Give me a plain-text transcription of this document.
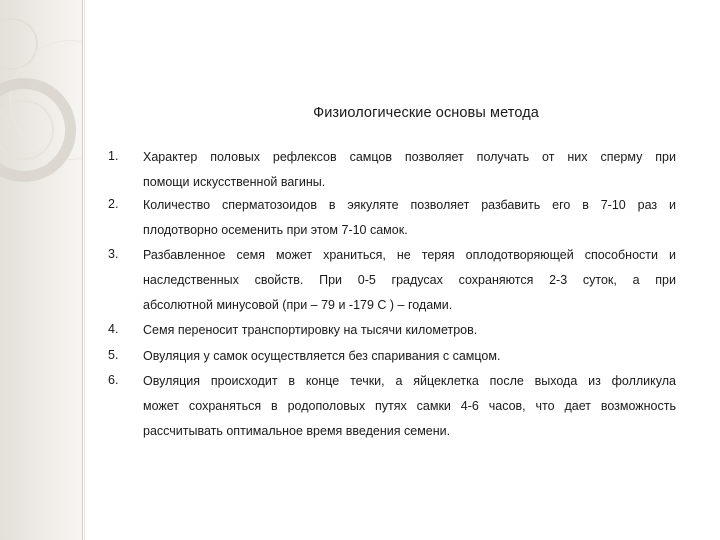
Физиологические основы метода
1.	Характер половых рефлексов самцов позволяет получать от них сперму при
помощи искусственной вагины.
2.	Количество сперматозоидов в эякуляте позволяет разбавить его в 7-10 раз и
плодотворно осеменить при этом 7-10 самок.
3.	Разбавленное семя может храниться, не теряя оплодотворяющей способности и
наследственных свойств. При 0-5 градусах сохраняются 2-3 суток, а при
абсолютной минусовой (при – 79 и -179 С ) – годами.
4.	Семя переносит транспортировку на тысячи километров.
5.	Овуляция у самок осуществляется без спаривания с самцом.
6.	Овуляция происходит в конце течки, а яйцеклетка после выхода из фолликула
может сохраняться в родополовых путях самки 4-6 часов, что дает возможность
рассчитывать оптимальное время введения семени.
